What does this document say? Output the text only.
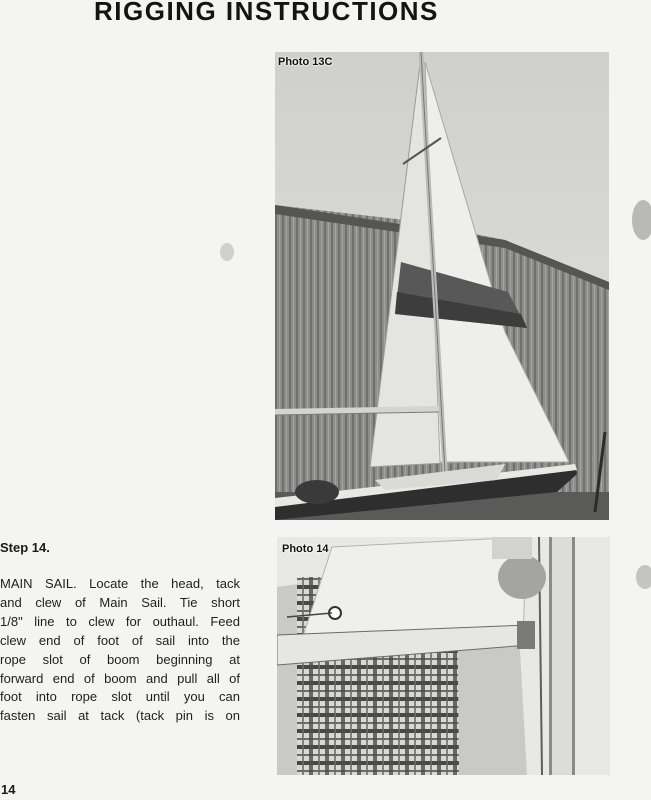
RIGGING INSTRUCTIONS
Photo 13C
Photo 14
Step 14.
MAIN SAIL. Locate the head, tack
and clew of Main Sail. Tie short
1/8" line to clew for outhaul. Feed
clew end of foot of sail into the
rope slot of boom beginning at
forward end of boom and pull all of
foot into rope slot until you can
fasten sail at tack (tack pin is on
14
